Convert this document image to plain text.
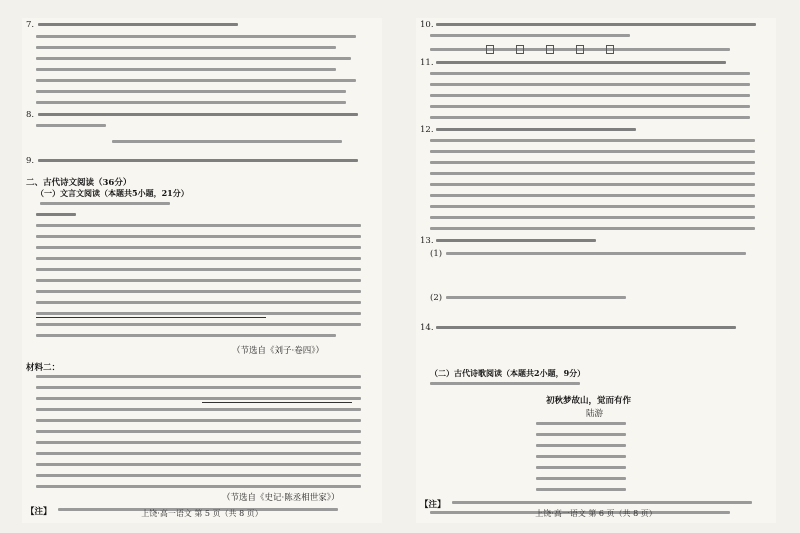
7.
8.
9.
二、古代诗文阅读（36分）
（一）文言文阅读（本题共5小题，21分）
（节选自《刘子·卷四》）
材料二：
（节选自《史记·陈丞相世家》）
【注】	上饶·高一语文 第 5 页（共 8 页）
10.
11.
12.
13.
(1)
(2)
14.
（二）古代诗歌阅读（本题共2小题，9分）
初秋梦故山，觉而有作
陆游
【注】
上饶·高一语文 第 6 页（共 8 页）
